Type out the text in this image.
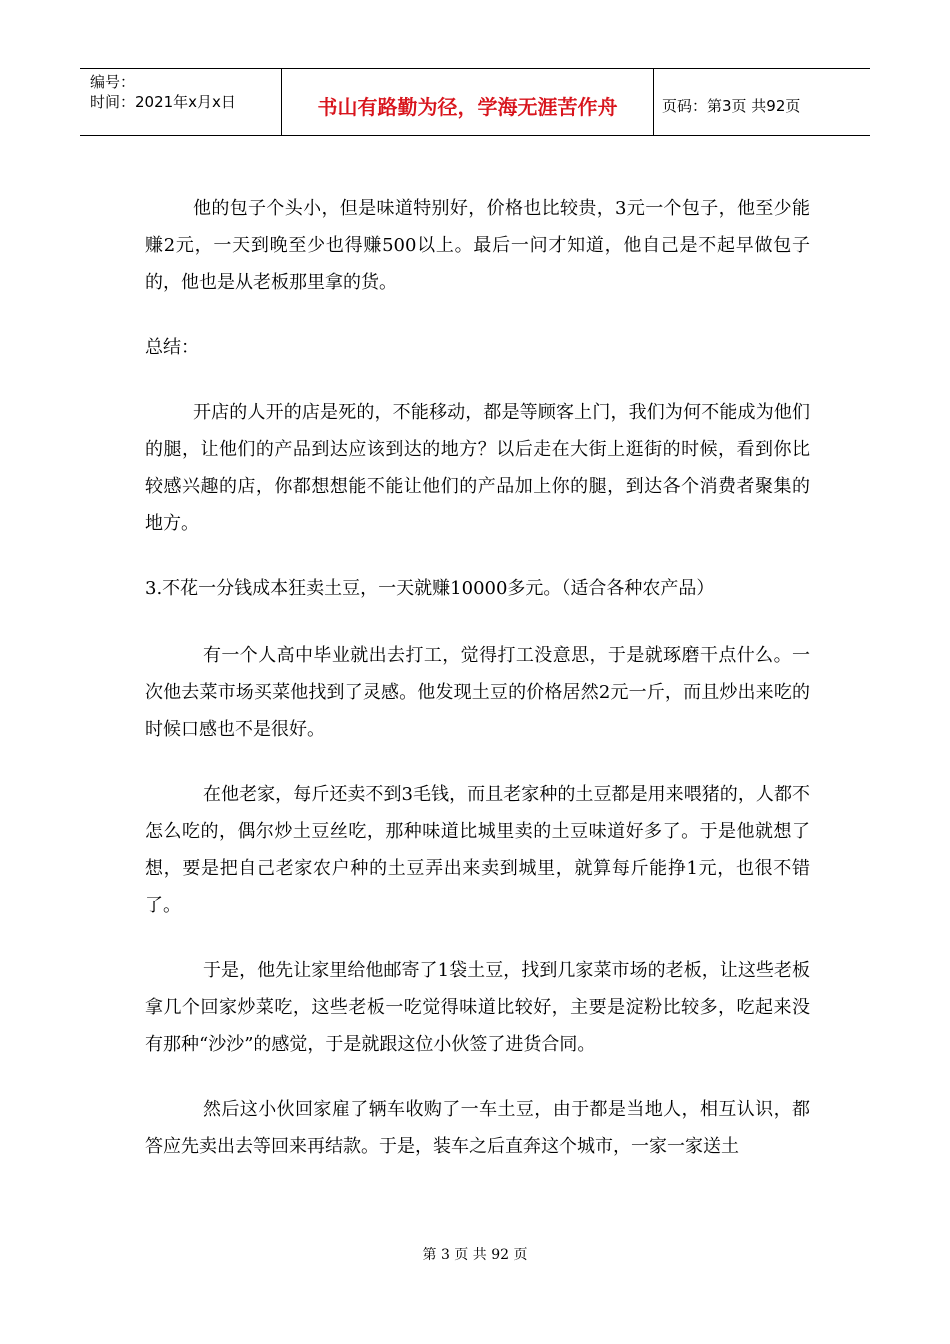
编号：
时间：2021年x月x日	书山有路勤为径，学海无涯苦作舟	页码：第3页 共92页

他的包子个头小，但是味道特别好，价格也比较贵，3元一个包子，他至少能赚2元，一天到晚至少也得赚500以上。最后一问才知道，他自己是不起早做包子的，他也是从老板那里拿的货。

总结：

开店的人开的店是死的，不能移动，都是等顾客上门，我们为何不能成为他们的腿，让他们的产品到达应该到达的地方？以后走在大街上逛街的时候，看到你比较感兴趣的店，你都想想能不能让他们的产品加上你的腿，到达各个消费者聚集的地方。

3.不花一分钱成本狂卖土豆，一天就赚10000多元。（适合各种农产品）

有一个人高中毕业就出去打工，觉得打工没意思，于是就琢磨干点什么。一次他去菜市场买菜他找到了灵感。他发现土豆的价格居然2元一斤，而且炒出来吃的时候口感也不是很好。

在他老家，每斤还卖不到3毛钱，而且老家种的土豆都是用来喂猪的，人都不怎么吃的，偶尔炒土豆丝吃，那种味道比城里卖的土豆味道好多了。于是他就想了想，要是把自己老家农户种的土豆弄出来卖到城里，就算每斤能挣1元，也很不错了。

于是，他先让家里给他邮寄了1袋土豆，找到几家菜市场的老板，让这些老板拿几个回家炒菜吃，这些老板一吃觉得味道比较好，主要是淀粉比较多，吃起来没有那种“沙沙”的感觉，于是就跟这位小伙签了进货合同。

然后这小伙回家雇了辆车收购了一车土豆，由于都是当地人，相互认识，都答应先卖出去等回来再结款。于是，装车之后直奔这个城市，一家一家送土

第 3 页 共 92 页
